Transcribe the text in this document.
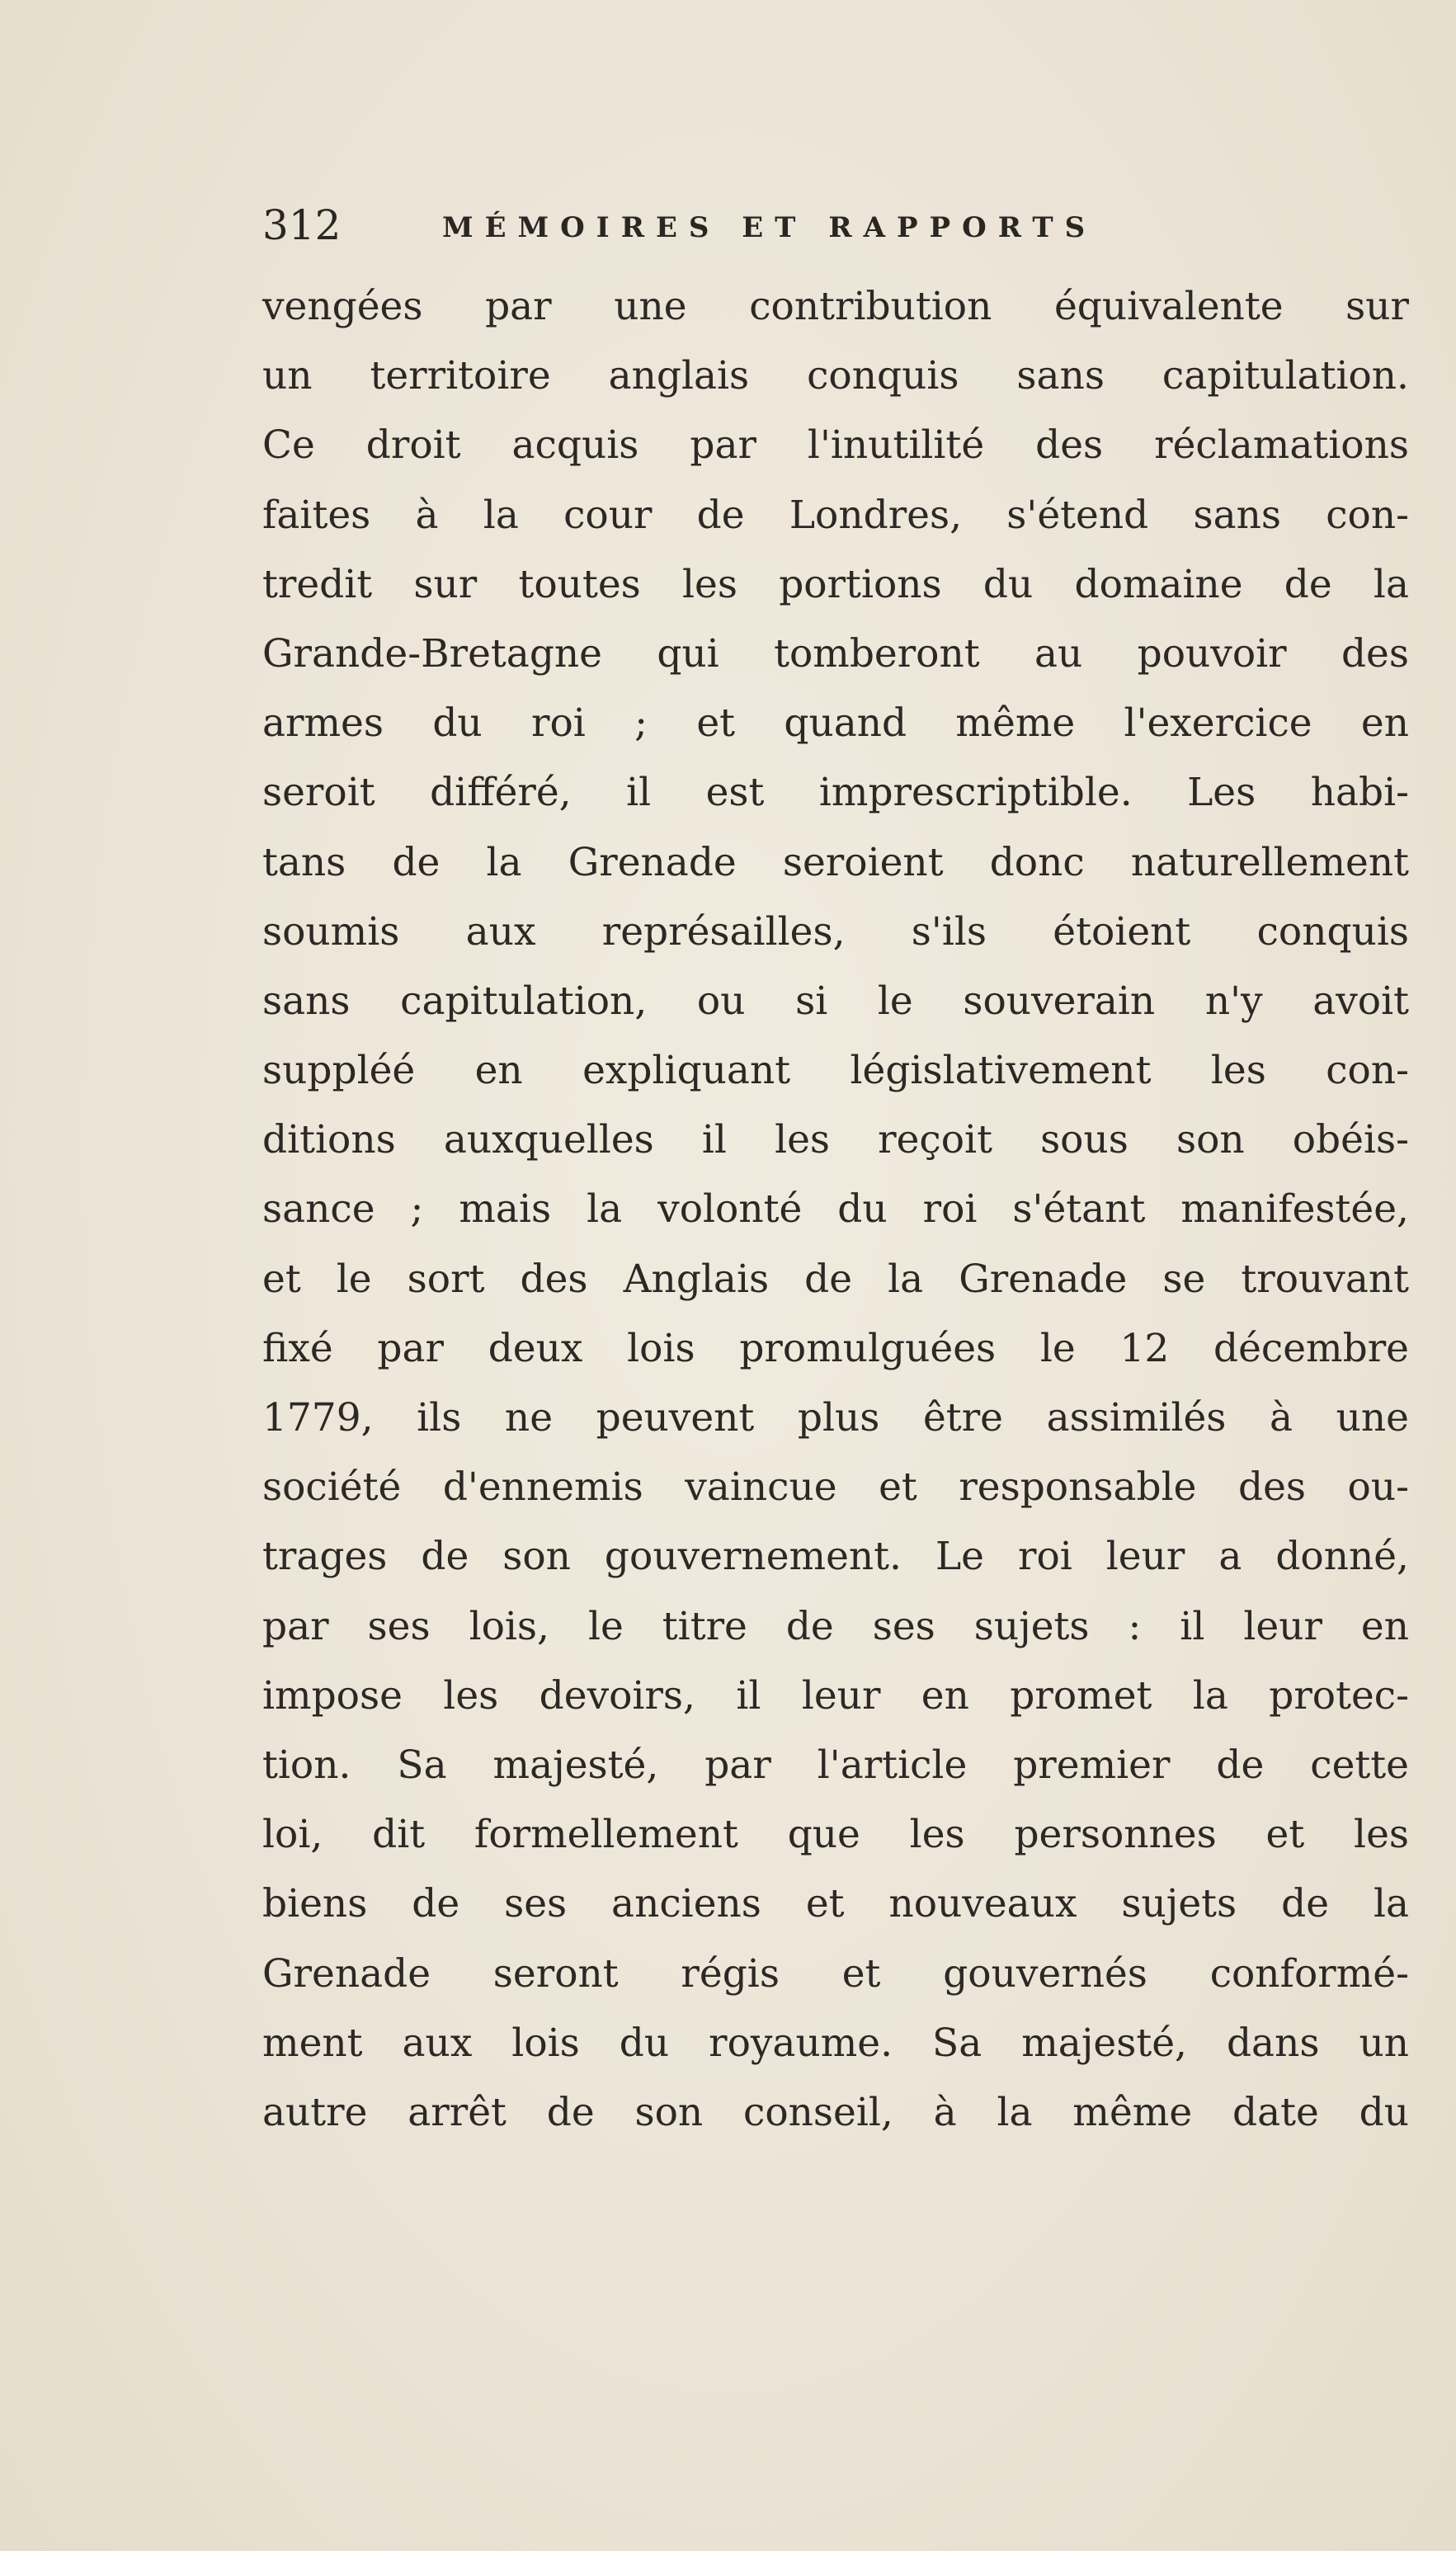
312	MÉMOIRES ET RAPPORTS
vengées par une contribution équivalente sur
un territoire anglais conquis sans capitulation.
Ce droit acquis par l'inutilité des réclamations
faites à la cour de Londres, s'étend sans con-
tredit sur toutes les portions du domaine de la
Grande-Bretagne qui tomberont au pouvoir des
armes du roi ; et quand même l'exercice en
seroit différé, il est imprescriptible. Les habi-
tans de la Grenade seroient donc naturellement
soumis aux représailles, s'ils étoient conquis
sans capitulation, ou si le souverain n'y avoit
suppléé en expliquant législativement les con-
ditions auxquelles il les reçoit sous son obéis-
sance ; mais la volonté du roi s'étant manifestée,
et le sort des Anglais de la Grenade se trouvant
fixé par deux lois promulguées le 12 décembre
1779, ils ne peuvent plus être assimilés à une
société d'ennemis vaincue et responsable des ou-
trages de son gouvernement. Le roi leur a donné,
par ses lois, le titre de ses sujets : il leur en
impose les devoirs, il leur en promet la protec-
tion. Sa majesté, par l'article premier de cette
loi, dit formellement que les personnes et les
biens de ses anciens et nouveaux sujets de la
Grenade seront régis et gouvernés conformé-
ment aux lois du royaume. Sa majesté, dans un
autre arrêt de son conseil, à la même date du
